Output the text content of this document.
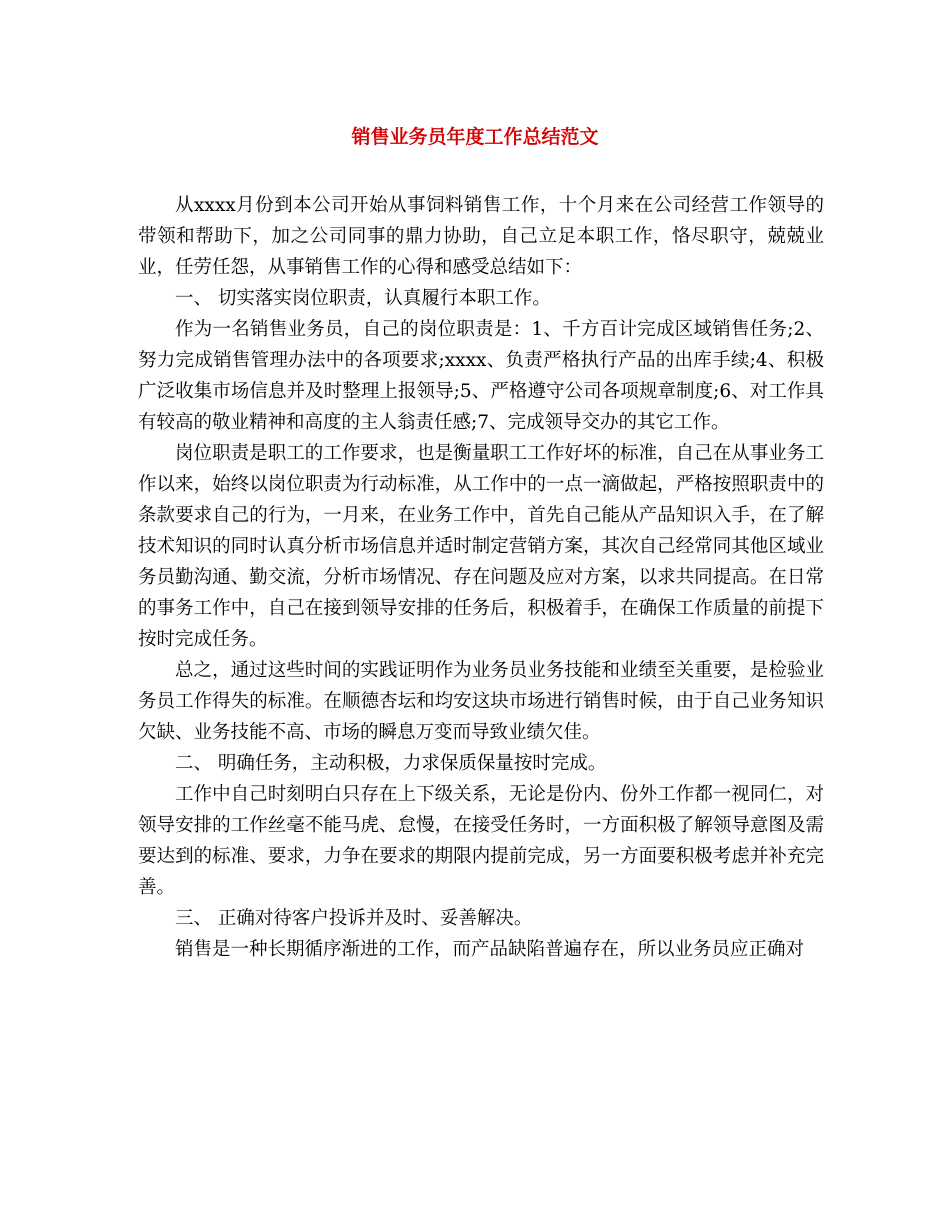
销售业务员年度工作总结范文

从xxxx月份到本公司开始从事饲料销售工作，十个月来在公司经营工作领导的带领和帮助下，加之公司同事的鼎力协助，自己立足本职工作，恪尽职守，兢兢业业，任劳任怨，从事销售工作的心得和感受总结如下：

一、 切实落实岗位职责，认真履行本职工作。

作为一名销售业务员，自己的岗位职责是：1、千方百计完成区域销售任务;2、努力完成销售管理办法中的各项要求;xxxx、负责严格执行产品的出库手续;4、积极广泛收集市场信息并及时整理上报领导;5、严格遵守公司各项规章制度;6、对工作具有较高的敬业精神和高度的主人翁责任感;7、完成领导交办的其它工作。

岗位职责是职工的工作要求，也是衡量职工工作好坏的标准，自己在从事业务工作以来，始终以岗位职责为行动标准，从工作中的一点一滴做起，严格按照职责中的条款要求自己的行为，一月来，在业务工作中，首先自己能从产品知识入手，在了解技术知识的同时认真分析市场信息并适时制定营销方案，其次自己经常同其他区域业务员勤沟通、勤交流，分析市场情况、存在问题及应对方案，以求共同提高。在日常的事务工作中，自己在接到领导安排的任务后，积极着手，在确保工作质量的前提下按时完成任务。

总之，通过这些时间的实践证明作为业务员业务技能和业绩至关重要，是检验业务员工作得失的标准。在顺德杏坛和均安这块市场进行销售时候，由于自己业务知识欠缺、业务技能不高、市场的瞬息万变而导致业绩欠佳。

二、 明确任务，主动积极，力求保质保量按时完成。

工作中自己时刻明白只存在上下级关系，无论是份内、份外工作都一视同仁，对领导安排的工作丝毫不能马虎、怠慢，在接受任务时，一方面积极了解领导意图及需要达到的标准、要求，力争在要求的期限内提前完成，另一方面要积极考虑并补充完善。

三、 正确对待客户投诉并及时、妥善解决。

销售是一种长期循序渐进的工作，而产品缺陷普遍存在，所以业务员应正确对
